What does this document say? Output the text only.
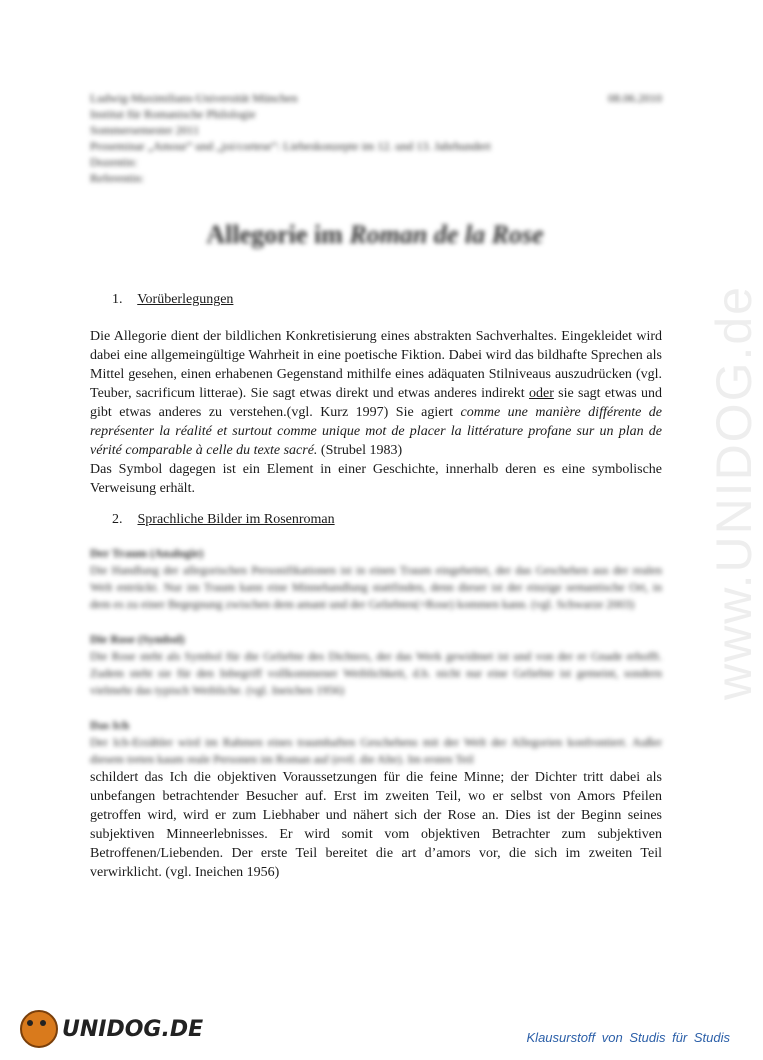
Ludwig-Maximilians-Universität München	08.06.2010
Institut für Romanische Philologie
Sommersemester 2011
Proseminar „Amour“ und „joi/cortese“: Liebeskonzepte im 12. und 13. Jahrhundert
Dozentin:
Referentin:
Allegorie im Roman de la Rose
1. Vorüberlegungen

Die Allegorie dient der bildlichen Konkretisierung eines abstrakten Sachverhaltes. Eingekleidet wird dabei eine allgemeingültige Wahrheit in eine poetische Fiktion. Dabei wird das bildhafte Sprechen als Mittel gesehen, einen erhabenen Gegenstand mithilfe eines adäquaten Stilniveaus auszudrücken (vgl. Teuber, sacrificum litterae). Sie sagt etwas direkt und etwas anderes indirekt oder sie sagt etwas und gibt etwas anderes zu verstehen.(vgl. Kurz 1997) Sie agiert comme une manière différente de représenter la réalité et surtout comme unique mot de placer la littérature profane sur un plan de vérité comparable à celle du texte sacré. (Strubel 1983)

Das Symbol dagegen ist ein Element in einer Geschichte, innerhalb deren es eine symbolische Verweisung erhält.

2. Sprachliche Bilder im Rosenroman
Der Traum (Analogie)
Die Handlung der allegorischen Personifikationen ist in einen Traum eingebettet, der das Geschehen aus der realen Welt entrückt. Nur im Traum kann eine Minnehandlung stattfinden, denn dieser ist der einzige semantische Ort, in dem es zu einer Begegnung zwischen dem amant und der Geliebten(=Rose) kommen kann. (vgl. Schwarze 2003)
Die Rose (Symbol)
Die Rose steht als Symbol für die Geliebte des Dichters, der das Werk gewidmet ist und von der er Gnade erhofft. Zudem steht sie für den Inbegriff vollkommener Weiblichkeit, d.h. nicht nur eine Geliebte ist gemeint, sondern vielmehr das typisch Weibliche. (vgl. Ineichen 1956)
Das Ich
Der Ich-Erzähler wird im Rahmen eines traumhaften Geschehens mit der Welt der Allegorien konfrontiert. Außer diesem treten kaum reale Personen im Roman auf (evtl. die Alte). Im ersten Teil

schildert das Ich die objektiven Voraussetzungen für die feine Minne; der Dichter tritt dabei als unbefangen betrachtender Besucher auf. Erst im zweiten Teil, wo er selbst von Amors Pfeilen getroffen wird, wird er zum Liebhaber und nähert sich der Rose an. Dies ist der Beginn seines subjektiven Minneerlebnisses. Er wird somit vom objektiven Betrachter zum subjektiven Betroffenen/Liebenden. Der erste Teil bereitet die art d’amors vor, die sich im zweiten Teil verwirklicht. (vgl. Ineichen 1956)

www.UNIDOG.de
UNIDOG.DE	Klausurstoff von Studis für Studis
